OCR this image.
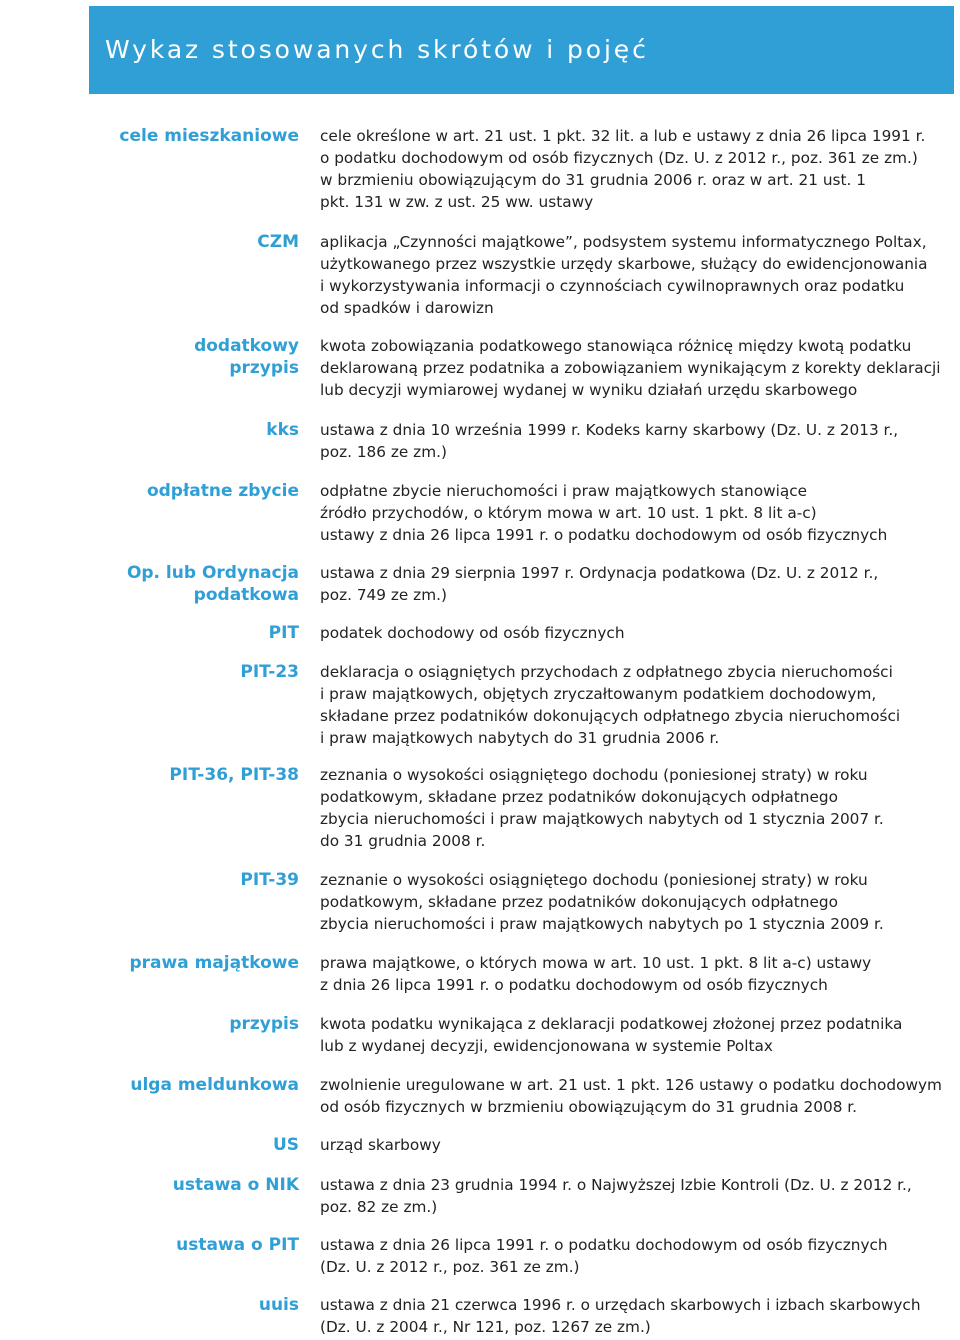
Wykaz stosowanych skrótów i pojęć
cele mieszkaniowe cele określone w art. 21 ust. 1 pkt. 32 lit. a lub e ustawy z dnia 26 lipca 1991 r.
o podatku dochodowym od osób fizycznych (Dz. U. z 2012 r., poz. 361 ze zm.)
w brzmieniu obowiązującym do 31 grudnia 2006 r. oraz w art. 21 ust. 1
pkt. 131 w zw. z ust. 25 ww. ustawy
CZM aplikacja „Czynności majątkowe”, podsystem systemu informatycznego Poltax,
użytkowanego przez wszystkie urzędy skarbowe, służący do ewidencjonowania
i wykorzystywania informacji o czynnościach cywilnoprawnych oraz podatku
od spadków i darowizn
dodatkowy
przypis
kwota zobowiązania podatkowego stanowiąca różnicę między kwotą podatku
deklarowaną przez podatnika a zobowiązaniem wynikającym z korekty deklaracji
lub decyzji wymiarowej wydanej w wyniku działań urzędu skarbowego
kks ustawa z dnia 10 września 1999 r. Kodeks karny skarbowy (Dz. U. z 2013 r.,
poz. 186 ze zm.)
odpłatne zbycie odpłatne zbycie nieruchomości i praw majątkowych stanowiące
źródło przychodów, o którym mowa w art. 10 ust. 1 pkt. 8 lit a-c)
ustawy z dnia 26 lipca 1991 r. o podatku dochodowym od osób fizycznych
Op. lub Ordynacja
podatkowa
ustawa z dnia 29 sierpnia 1997 r. Ordynacja podatkowa (Dz. U. z 2012 r.,
poz. 749 ze zm.)
PIT podatek dochodowy od osób fizycznych
PIT-23 deklaracja o osiągniętych przychodach z odpłatnego zbycia nieruchomości
i praw majątkowych, objętych zryczałtowanym podatkiem dochodowym,
składane przez podatników dokonujących odpłatnego zbycia nieruchomości
i praw majątkowych nabytych do 31 grudnia 2006 r.
PIT-36, PIT-38 zeznania o wysokości osiągniętego dochodu (poniesionej straty) w roku
podatkowym, składane przez podatników dokonujących odpłatnego
zbycia nieruchomości i praw majątkowych nabytych od 1 stycznia 2007 r.
do 31 grudnia 2008 r.
PIT-39 zeznanie o wysokości osiągniętego dochodu (poniesionej straty) w roku
podatkowym, składane przez podatników dokonujących odpłatnego
zbycia nieruchomości i praw majątkowych nabytych po 1 stycznia 2009 r.
prawa majątkowe prawa majątkowe, o których mowa w art. 10 ust. 1 pkt. 8 lit a-c) ustawy
z dnia 26 lipca 1991 r. o podatku dochodowym od osób fizycznych
przypis kwota podatku wynikająca z deklaracji podatkowej złożonej przez podatnika
lub z wydanej decyzji, ewidencjonowana w systemie Poltax
ulga meldunkowa zwolnienie uregulowane w art. 21 ust. 1 pkt. 126 ustawy o podatku dochodowym
od osób fizycznych w brzmieniu obowiązującym do 31 grudnia 2008 r.
US urząd skarbowy
ustawa o NIK ustawa z dnia 23 grudnia 1994 r. o Najwyższej Izbie Kontroli (Dz. U. z 2012 r.,
poz. 82 ze zm.)
ustawa o PIT ustawa z dnia 26 lipca 1991 r. o podatku dochodowym od osób fizycznych
(Dz. U. z 2012 r., poz. 361 ze zm.)
uuis ustawa z dnia 21 czerwca 1996 r. o urzędach skarbowych i izbach skarbowych
(Dz. U. z 2004 r., Nr 121, poz. 1267 ze zm.)
